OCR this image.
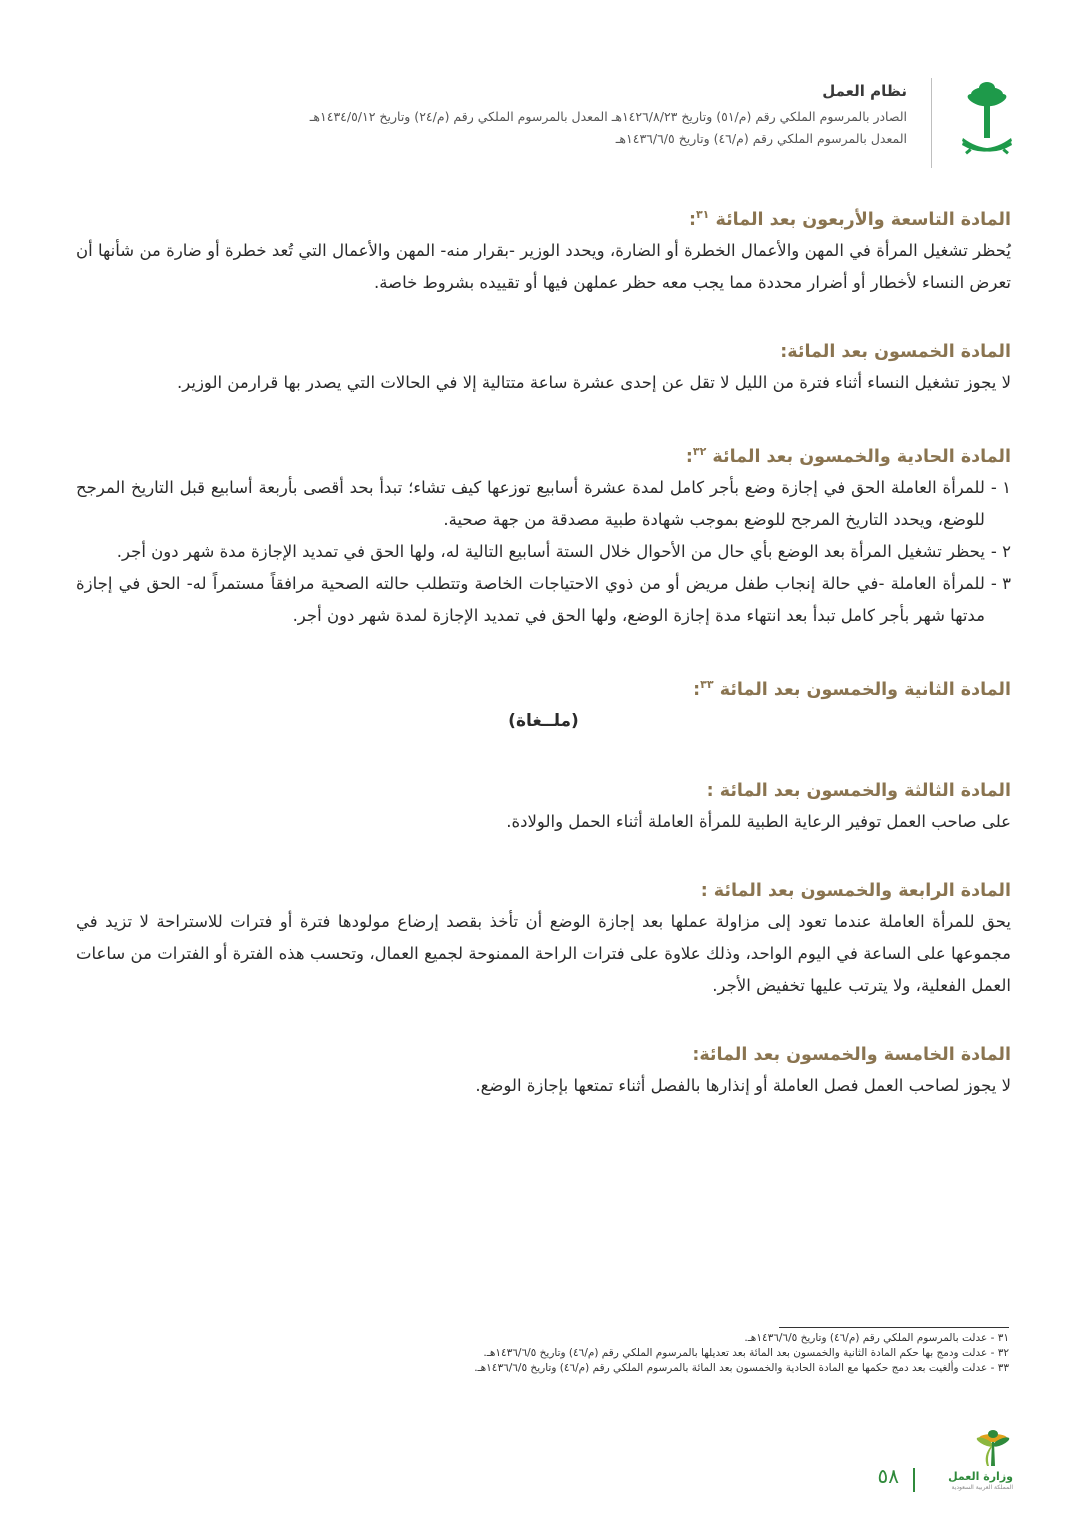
نظام العمل
الصادر بالمرسوم الملكي رقم (م/٥١) وتاريخ ١٤٢٦/٨/٢٣هـ المعدل بالمرسوم الملكي رقم (م/٢٤) وتاريخ ١٤٣٤/٥/١٢هـ
المعدل بالمرسوم الملكي رقم (م/٤٦) وتاريخ ١٤٣٦/٦/٥هـ
المادة التاسعة والأربعون بعد المائة $^{٣١}$:
يُحظر تشغيل المرأة في المهن والأعمال الخطرة أو الضارة، ويحدد الوزير -بقرار منه- المهن والأعمال التي تُعد خطرة أو ضارة من شأنها أن تعرض النساء لأخطار أو أضرار محددة مما يجب معه حظر عملهن فيها أو تقييده بشروط خاصة.
المادة الخمسون بعد المائة:
لا يجوز تشغيل النساء أثناء فترة من الليل لا تقل عن إحدى عشرة ساعة متتالية إلا في الحالات التي يصدر بها قرارمن الوزير.
المادة الحادية والخمسون بعد المائة $^{٣٢}$:
١ -
للمرأة العاملة الحق في إجازة وضع بأجر كامل لمدة عشرة أسابيع توزعها كيف تشاء؛ تبدأ بحد أقصى بأربعة أسابيع قبل التاريخ المرجح للوضع، ويحدد التاريخ المرجح للوضع بموجب شهادة طبية مصدقة من جهة صحية.
٢ -
يحظر تشغيل المرأة بعد الوضع بأي حال من الأحوال خلال الستة أسابيع التالية له، ولها الحق في تمديد الإجازة مدة شهر دون أجر.
٣ -
للمرأة العاملة -في حالة إنجاب طفل مريض أو من ذوي الاحتياجات الخاصة وتتطلب حالته الصحية مرافقاً مستمراً له- الحق في إجازة مدتها شهر بأجر كامل تبدأ بعد انتهاء مدة إجازة الوضع، ولها الحق في تمديد الإجازة لمدة شهر دون أجر.
المادة الثانية والخمسون بعد المائة $^{٣٣}$:
(ملــغاة)
المادة الثالثة والخمسون بعد المائة :
على صاحب العمل توفير الرعاية الطبية للمرأة العاملة أثناء الحمل والولادة.
المادة الرابعة والخمسون بعد المائة :
يحق للمرأة العاملة عندما تعود إلى مزاولة عملها بعد إجازة الوضع أن تأخذ بقصد إرضاع مولودها فترة أو فترات للاستراحة لا تزيد في مجموعها على الساعة في اليوم الواحد، وذلك علاوة على فترات الراحة الممنوحة لجميع العمال، وتحسب هذه الفترة أو الفترات من ساعات العمل الفعلية، ولا يترتب عليها تخفيض الأجر.
المادة الخامسة والخمسون بعد المائة:
لا يجوز لصاحب العمل فصل العاملة أو إنذارها بالفصل أثناء تمتعها بإجازة الوضع.
٣١ - عدلت بالمرسوم الملكي رقم (م/٤٦) وتاريخ ١٤٣٦/٦/٥هـ.
٣٢ - عدلت ودمج بها حكم المادة الثانية والخمسون بعد المائة بعد تعديلها بالمرسوم الملكي رقم (م/٤٦) وتاريخ ١٤٣٦/٦/٥هـ.
٣٣ - عدلت وألغيت بعد دمج حكمها مع المادة الحادية والخمسون بعد المائة بالمرسوم الملكي رقم (م/٤٦) وتاريخ ١٤٣٦/٦/٥هـ.
وزارة العمل
المملكة العربية السعودية
٥٨
